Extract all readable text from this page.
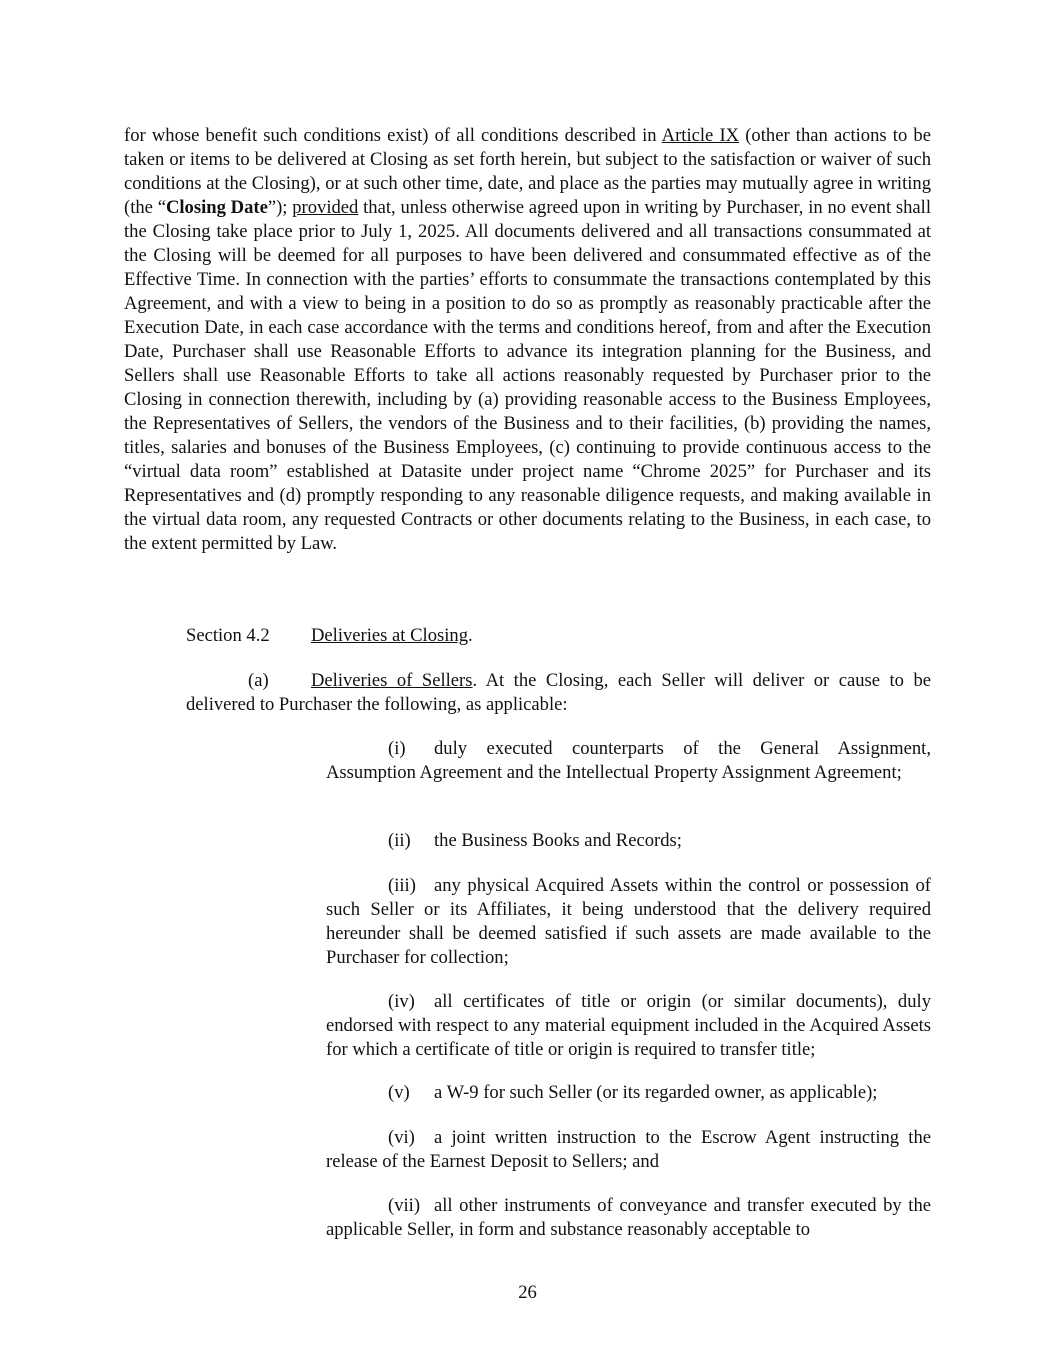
for whose benefit such conditions exist) of all conditions described in Article IX (other than actions to be taken or items to be delivered at Closing as set forth herein, but subject to the satisfaction or waiver of such conditions at the Closing), or at such other time, date, and place as the parties may mutually agree in writing (the “Closing Date”); provided that, unless otherwise agreed upon in writing by Purchaser, in no event shall the Closing take place prior to July 1, 2025. All documents delivered and all transactions consummated at the Closing will be deemed for all purposes to have been delivered and consummated effective as of the Effective Time. In connection with the parties’ efforts to consummate the transactions contemplated by this Agreement, and with a view to being in a position to do so as promptly as reasonably practicable after the Execution Date, in each case accordance with the terms and conditions hereof, from and after the Execution Date, Purchaser shall use Reasonable Efforts to advance its integration planning for the Business, and Sellers shall use Reasonable Efforts to take all actions reasonably requested by Purchaser prior to the Closing in connection therewith, including by (a) providing reasonable access to the Business Employees, the Representatives of Sellers, the vendors of the Business and to their facilities, (b) providing the names, titles, salaries and bonuses of the Business Employees, (c) continuing to provide continuous access to the “virtual data room” established at Datasite under project name “Chrome 2025” for Purchaser and its Representatives and (d) promptly responding to any reasonable diligence requests, and making available in the virtual data room, any requested Contracts or other documents relating to the Business, in each case, to the extent permitted by Law.

Section 4.2 Deliveries at Closing.

(a) Deliveries of Sellers. At the Closing, each Seller will deliver or cause to be delivered to Purchaser the following, as applicable:

(i) duly executed counterparts of the General Assignment, Assumption Agreement and the Intellectual Property Assignment Agreement;

(ii) the Business Books and Records;

(iii) any physical Acquired Assets within the control or possession of such Seller or its Affiliates, it being understood that the delivery required hereunder shall be deemed satisfied if such assets are made available to the Purchaser for collection;

(iv) all certificates of title or origin (or similar documents), duly endorsed with respect to any material equipment included in the Acquired Assets for which a certificate of title or origin is required to transfer title;

(v) a W-9 for such Seller (or its regarded owner, as applicable);

(vi) a joint written instruction to the Escrow Agent instructing the release of the Earnest Deposit to Sellers; and

(vii) all other instruments of conveyance and transfer executed by the applicable Seller, in form and substance reasonably acceptable to

26
